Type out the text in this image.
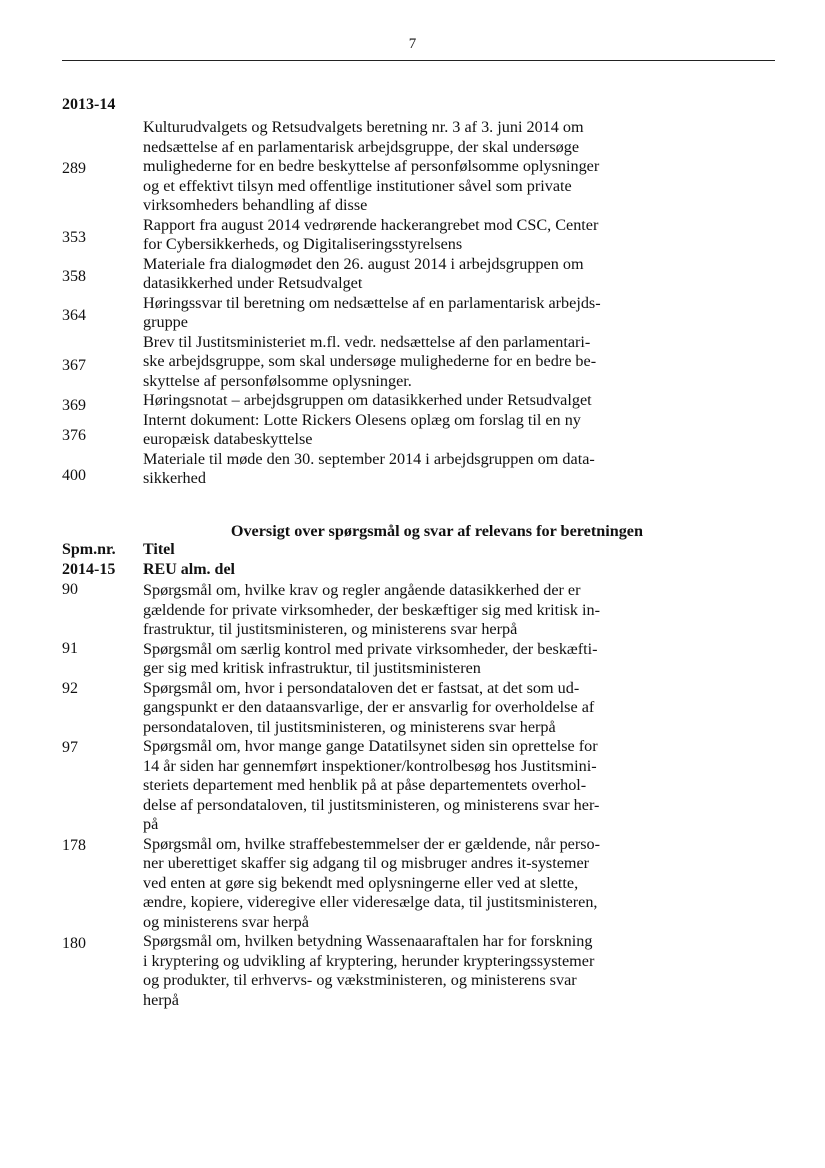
7
2013-14
289
353
358
364
367
369
376
400
Kulturudvalgets og Retsudvalgets beretning nr. 3 af 3. juni 2014 om
nedsættelse af en parlamentarisk arbejdsgruppe, der skal undersøge
mulighederne for en bedre beskyttelse af personfølsomme oplysninger
og et effektivt tilsyn med offentlige institutioner såvel som private
virksomheders behandling af disse
Rapport fra august 2014 vedrørende hackerangrebet mod CSC, Center
for Cybersikkerheds, og Digitaliseringsstyrelsens
Materiale fra dialogmødet den 26. august 2014 i arbejdsgruppen om
datasikkerhed under Retsudvalget
Høringssvar til beretning om nedsættelse af en parlamentarisk arbejds-
gruppe
Brev til Justitsministeriet m.fl. vedr. nedsættelse af den parlamentari-
ske arbejdsgruppe, som skal undersøge mulighederne for en bedre be-
skyttelse af personfølsomme oplysninger.
Høringsnotat – arbejdsgruppen om datasikkerhed under Retsudvalget
Internt dokument: Lotte Rickers Olesens oplæg om forslag til en ny
europæisk databeskyttelse
Materiale til møde den 30. september 2014 i arbejdsgruppen om data-
sikkerhed
Oversigt over spørgsmål og svar af relevans for beretningen
Spm.nr. Titel
2014-15 REU alm. del
90
91
92
97
178
180
Spørgsmål om, hvilke krav og regler angående datasikkerhed der er
gældende for private virksomheder, der beskæftiger sig med kritisk in-
frastruktur, til justitsministeren, og ministerens svar herpå
Spørgsmål om særlig kontrol med private virksomheder, der beskæfti-
ger sig med kritisk infrastruktur, til justitsministeren
Spørgsmål om, hvor i persondataloven det er fastsat, at det som ud-
gangspunkt er den dataansvarlige, der er ansvarlig for overholdelse af
persondataloven, til justitsministeren, og ministerens svar herpå
Spørgsmål om, hvor mange gange Datatilsynet siden sin oprettelse for
14 år siden har gennemført inspektioner/kontrolbesøg hos Justitsmini-
steriets departement med henblik på at påse departementets overhol-
delse af persondataloven, til justitsministeren, og ministerens svar her-
på
Spørgsmål om, hvilke straffebestemmelser der er gældende, når perso-
ner uberettiget skaffer sig adgang til og misbruger andres it-systemer
ved enten at gøre sig bekendt med oplysningerne eller ved at slette,
ændre, kopiere, videregive eller videresælge data, til justitsministeren,
og ministerens svar herpå
Spørgsmål om, hvilken betydning Wassenaaraftalen har for forskning
i kryptering og udvikling af kryptering, herunder krypteringssystemer
og produkter, til erhvervs- og vækstministeren, og ministerens svar
herpå
